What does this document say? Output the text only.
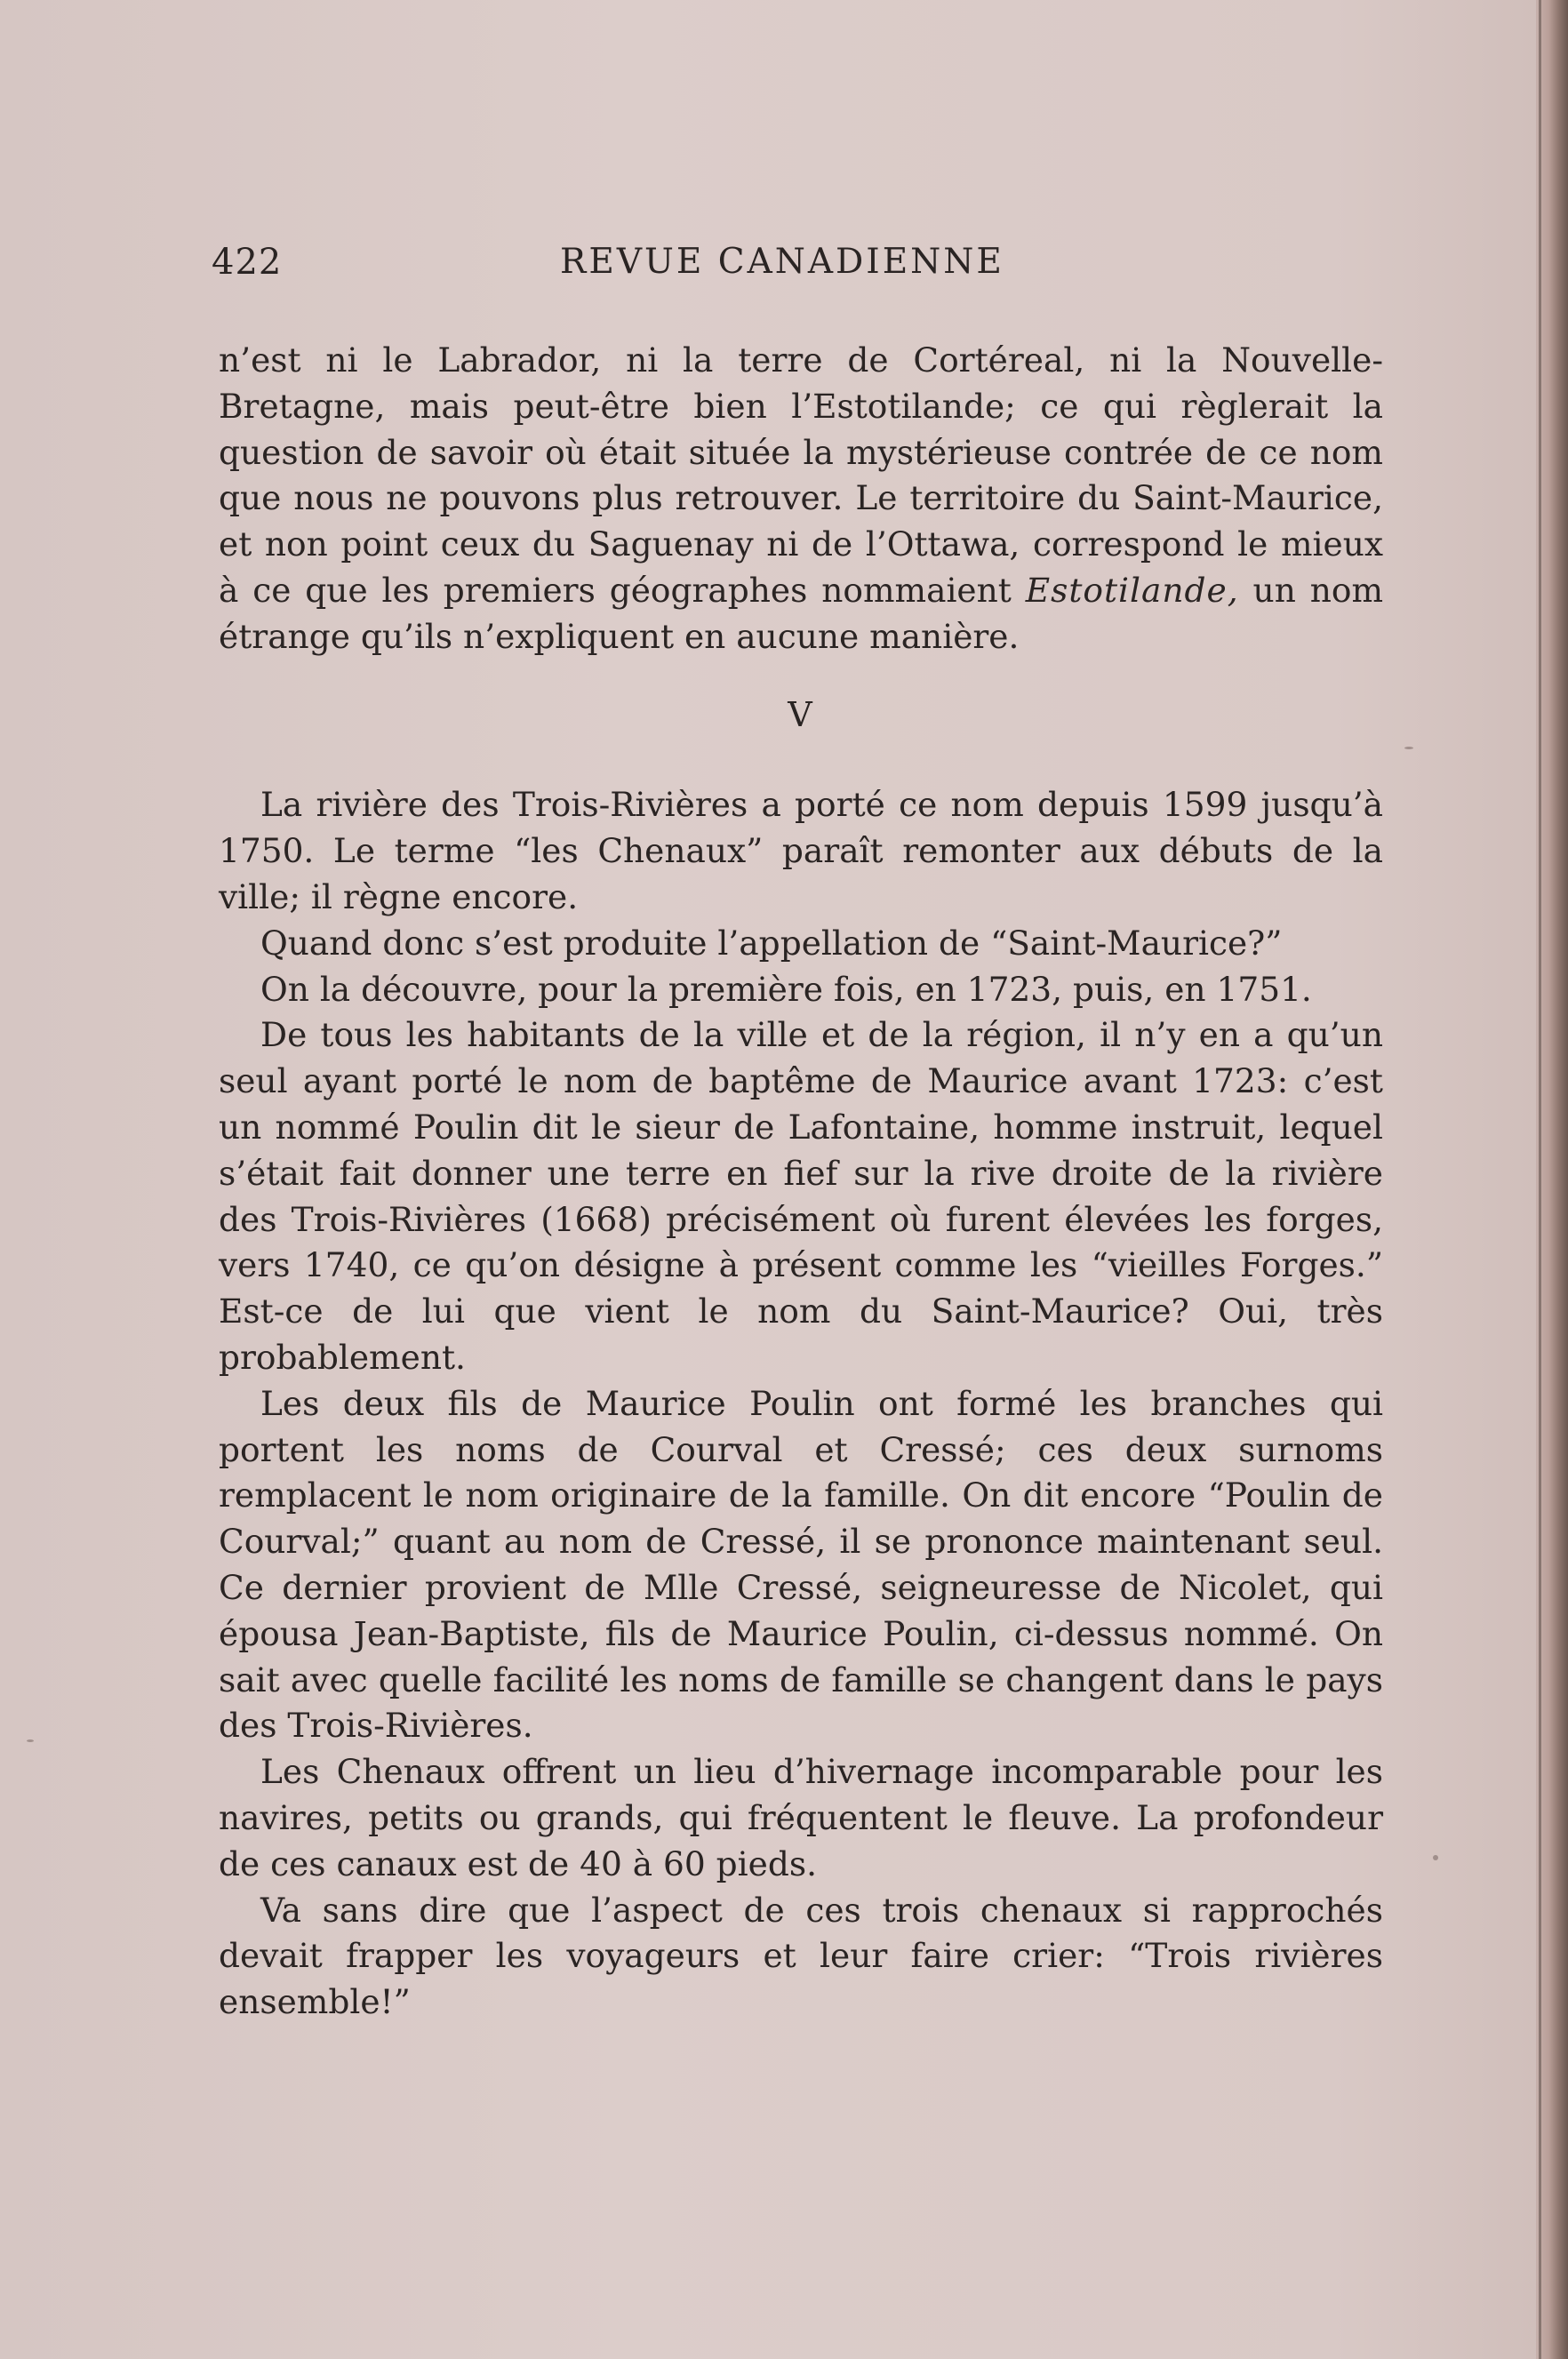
422	REVUE CANADIENNE

n’est ni le Labrador, ni la terre de Cortéreal, ni la Nouvelle-Bretagne, mais peut-être bien l’Estotilande; ce qui règlerait la question de savoir où était située la mystérieuse contrée de ce nom que nous ne pouvons plus retrouver. Le territoire du Saint-Maurice, et non point ceux du Saguenay ni de l’Ottawa, correspond le mieux à ce que les premiers géographes nommaient Estotilande, un nom étrange qu’ils n’expliquent en aucune manière.

V

La rivière des Trois-Rivières a porté ce nom depuis 1599 jusqu’à 1750. Le terme “les Chenaux” paraît remonter aux débuts de la ville; il règne encore.

Quand donc s’est produite l’appellation de “Saint-Maurice?”

On la découvre, pour la première fois, en 1723, puis, en 1751.

De tous les habitants de la ville et de la région, il n’y en a qu’un seul ayant porté le nom de baptême de Maurice avant 1723: c’est un nommé Poulin dit le sieur de Lafontaine, homme instruit, lequel s’était fait donner une terre en fief sur la rive droite de la rivière des Trois-Rivières (1668) précisément où furent élevées les forges, vers 1740, ce qu’on désigne à présent comme les “vieilles Forges.” Est-ce de lui que vient le nom du Saint-Maurice? Oui, très probablement.

Les deux fils de Maurice Poulin ont formé les branches qui portent les noms de Courval et Cressé; ces deux surnoms remplacent le nom originaire de la famille. On dit encore “Poulin de Courval;” quant au nom de Cressé, il se prononce maintenant seul. Ce dernier provient de Mlle Cressé, seigneuresse de Nicolet, qui épousa Jean-Baptiste, fils de Maurice Poulin, ci-dessus nommé. On sait avec quelle facilité les noms de famille se changent dans le pays des Trois-Rivières.

Les Chenaux offrent un lieu d’hivernage incomparable pour les navires, petits ou grands, qui fréquentent le fleuve. La profondeur de ces canaux est de 40 à 60 pieds.

Va sans dire que l’aspect de ces trois chenaux si rapprochés devait frapper les voyageurs et leur faire crier: “Trois rivières ensemble!”
